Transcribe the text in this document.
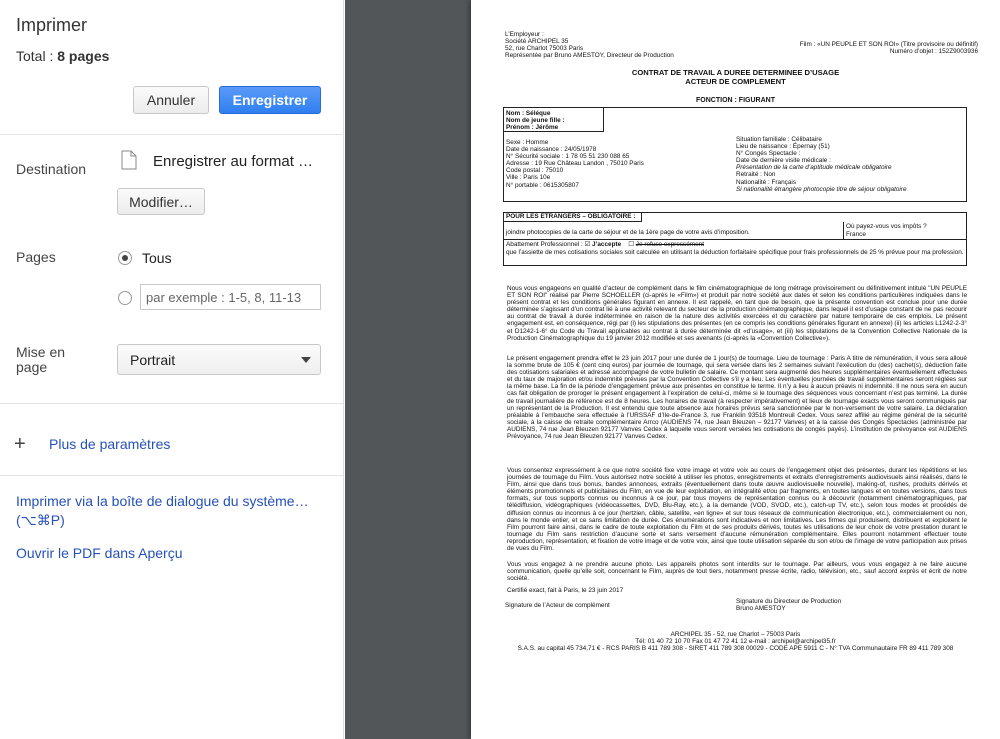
Imprimer
Total : 8 pages
Annuler	Enregistrer
Destination	Enregistrer au format …
Modifier…
Pages	Tous
par exemple : 1-5, 8, 11-13
Mise en page	Portrait
+ Plus de paramètres
Imprimer via la boîte de dialogue du système… (⌥⌘P)
Ouvrir le PDF dans Aperçu
L’Employeur :
Société ARCHIPEL 35
52, rue Charlot 75003 Paris
Représentée par Bruno AMESTOY, Directeur de Production
Film : «UN PEUPLE ET SON ROI» (Titre provisoire ou définitif)
Numéro d’objet : 152Z9003936
CONTRAT DE TRAVAIL A DUREE DETERMINEE D’USAGE
ACTEUR DE COMPLEMENT
FONCTION : FIGURANT
Nom : Séléque
Nom de jeune fille :
Prénom : Jérôme
Sexe : Homme
Date de naissance : 24/05/1978
N° Sécurité sociale : 1 78 05 51 230 088 65
Adresse : 19 Rue Château Landon , 75010 Paris
Code postal : 75010
Ville : Paris 10e
N° portable : 0615305807
Situation familiale : Célibataire
Lieu de naissance : Épernay (51)
N° Congés Spectacle :
Date de dernière visite médicale :
Présentation de la carte d’aptitude médicale obligatoire
Retraité : Non
Nationalité : Français
Si nationalité étrangère photocopie titre de séjour obligatoire
POUR LES ETRANGERS – OBLIGATOIRE :
joindre photocopies de la carte de séjour et de la 1ère page de votre avis d’imposition.
Où payez-vous vos impôts ?
France
Abattement Professionnel : ☑ J’accepte    ☐ Je refuse expressément
que l’assiette de mes cotisations sociales soit calculée en utilisant la déduction forfaitaire spécifique pour frais professionnels de 25 % prévue pour ma profession.
Nous vous engageons en qualité d’acteur de complément dans le film cinématographique de long métrage provisoirement ou définitivement intitulé "UN PEUPLE ET SON ROI" réalisé par Pierre SCHOELLER (ci-après le «Film») et produit par notre société aux dates et selon les conditions particulières indiquées dans le présent contrat et les conditions générales figurant en annexe. Il est rappelé, en tant que de besoin, que la présente convention est conclue pour une durée déterminée s’agissant d’un contrat lié à une activité relevant du secteur de la production cinématographique, dans lequel il est d’usage constant de ne pas recourir au contrat de travail à durée indéterminée en raison de la nature des activités exercées et du caractère par nature temporaire de ces emplois. Le présent engagement est, en conséquence, régi par (i) les stipulations des présentes (en ce compris les conditions générales figurant en annexe) (ii) les articles L1242-2-3° et D1242-1-6° du Code du Travail applicables au contrat à durée déterminée dit «d’usage», et (iii) les stipulations de la Convention Collective Nationale de la Production Cinématographique du 19 janvier 2012 modifiée et ses avenants (ci-après la «Convention Collective»).
Le présent engagement prendra effet le 23 juin 2017 pour une durée de 1 jour(s) de tournage. Lieu de tournage : Paris A titre de rémunération, il vous sera alloué la somme brute de 105 € (cent cinq euros) par journée de tournage, qui sera versée dans les 2 semaines suivant l’exécution du (des) cachet(s), déduction faite des cotisations salariales et adressé accompagné de votre bulletin de salaire. Ce montant sera augmenté des heures supplémentaires éventuellement effectuées et du taux de majoration et/ou indemnité prévues par la Convention Collective s’il y a lieu. Les éventuelles journées de travail supplémentaires seront réglées sur la même base. La fin de la période d’engagement prévue aux présentes en constitue le terme. Il n’y a lieu à aucun préavis ni indemnité. Il ne nous sera en aucun cas fait obligation de proroger le présent engagement à l’expiration de celui-ci, même si le tournage des séquences vous concernant n’est pas terminé. La durée de travail journalière de référence est de 8 heures. Les horaires de travail (à respecter impérativement) et lieux de tournage exacts vous seront communiqués par un représentant de la Production. Il est entendu que toute absence aux horaires prévus sera sanctionnée par le non-versement de votre salaire. La déclaration préalable à l’embauche sera effectuée à l’URSSAF d’Ile-de-France 3, rue Franklin 93518 Montreuil Cedex. Vous serez affilié au régime général de la sécurité sociale, à la caisse de retraite complémentaire Arrco (AUDIENS 74, rue Jean Bleuzen – 92177 Vanves) et à la caisse des Congés Spectacles (administrée par AUDIENS, 74 rue Jean Bleuzen 92177 Vanves Cedex à laquelle vous seront versées les cotisations de congés payés). L’institution de prévoyance est AUDIENS Prévoyance, 74 rue Jean Bleuzen 92177 Vanves Cedex.
Vous consentez expressément à ce que notre société fixe votre image et votre voix au cours de l’engagement objet des présentes, durant les répétitions et les journées de tournage du Film. Vous autorisez notre société à utiliser les photos, enregistrements et extraits d’enregistrements audiovisuels ainsi réalisés, dans le Film, ainsi que dans tous bonus, bandes annonces, extraits (éventuellement dans toute œuvre audiovisuelle nouvelle), making-of, rushes, produits dérivés et éléments promotionnels et publicitaires du Film, en vue de leur exploitation, en intégralité et/ou par fragments, en toutes langues et en toutes versions, dans tous formats, sur tous supports connus ou inconnus à ce jour, par tous moyens de représentation connus ou à découvrir (notamment cinématographiques, par télédiffusion, vidéographiques (vidéocassettes, DVD, Blu-Ray, etc.), à la demande (VOD, SVOD, etc.), catch-up TV, etc.), selon tous modes et procédés de diffusion connus ou inconnus à ce jour (hertzien, câble, satellite, «en ligne» et sur tous réseaux de communication électronique, etc.), commercialement ou non, dans le monde entier, et ce sans limitation de durée. Ces énumérations sont indicatives et non limitatives. Les firmes qui produisent, distribuent et exploitent le Film pourront faire ainsi, dans le cadre de toute exploitation du Film et de ses produits dérivés, toutes les utilisations de leur choix de votre prestation durant le tournage du Film sans restriction d’aucune sorte et sans versement d’aucune rémunération complémentaire. Elles pourront notamment effectuer toute reproduction, représentation, et fixation de votre image et de votre voix, ainsi que toute utilisation séparée du son et/ou de l’image de votre participation aux prises de vues du Film.
Vous vous engagez à ne prendre aucune photo. Les appareils photos sont interdits sur le tournage. Par ailleurs, vous vous engagez à ne faire aucune communication, quelle qu’elle soit, concernant le Film, auprès de tout tiers, notamment presse écrite, radio, télévision, etc., sauf accord exprès et écrit de notre société.
Certifié exact, fait à Paris, le 23 juin 2017
Signature de l’Acteur de complément
Signature du Directeur de Production
Bruno AMESTOY
ARCHIPEL 35 - 52, rue Charlot – 75003 Paris
Tél: 01 40 72 10 70 Fax 01 47 72 41 12 e-mail : archipel@archipel35.fr
S.A.S. au capital 45 734,71 € - RCS PARIS B 411 789 308 - SIRET 411 789 308 00029 - CODE APE 5911 C - N° TVA Communautaire FR 89 411 789 308
